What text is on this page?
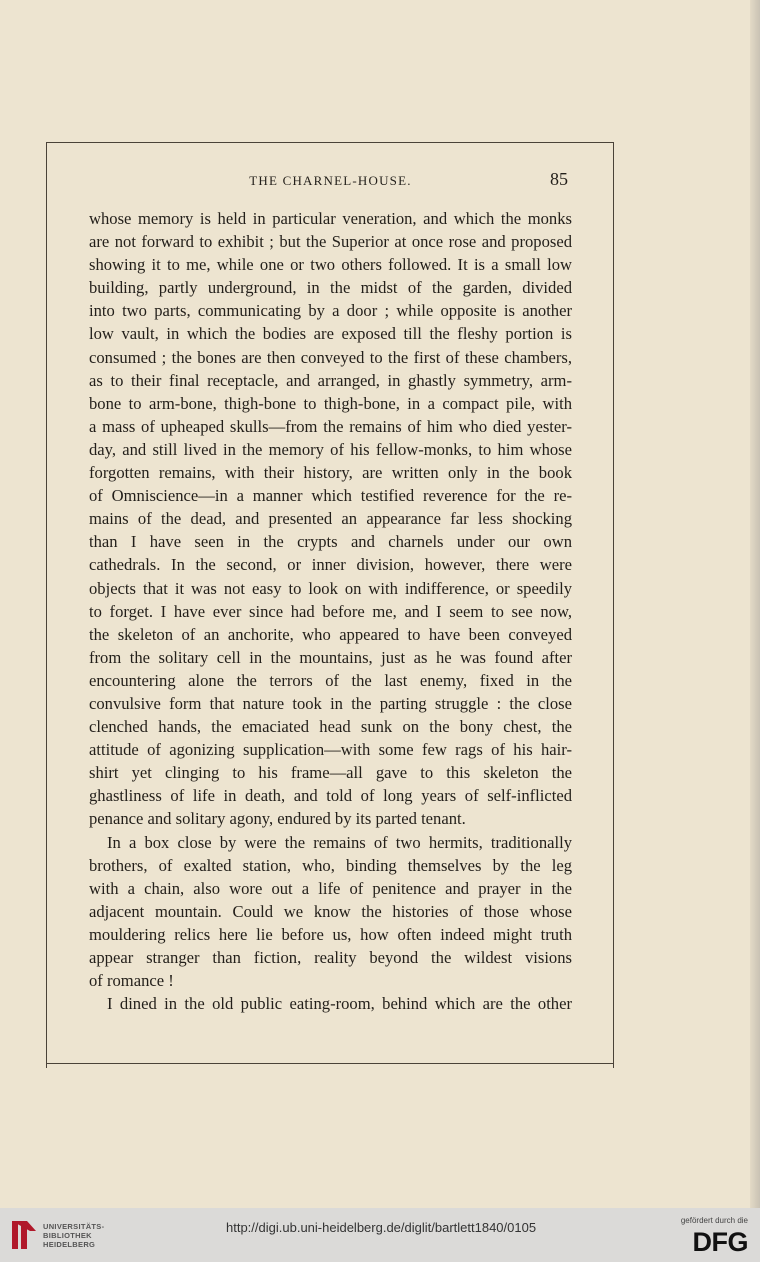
THE CHARNEL-HOUSE.	85
whose memory is held in particular veneration, and which the monks
are not forward to exhibit ; but the Superior at once rose and proposed
showing it to me, while one or two others followed. It is a small low
building, partly underground, in the midst of the garden, divided
into two parts, communicating by a door ; while opposite is another
low vault, in which the bodies are exposed till the fleshy portion is
consumed ; the bones are then conveyed to the first of these chambers,
as to their final receptacle, and arranged, in ghastly symmetry, arm-
bone to arm-bone, thigh-bone to thigh-bone, in a compact pile, with
a mass of upheaped skulls—from the remains of him who died yester-
day, and still lived in the memory of his fellow-monks, to him whose
forgotten remains, with their history, are written only in the book
of Omniscience—in a manner which testified reverence for the re-
mains of the dead, and presented an appearance far less shocking
than I have seen in the crypts and charnels under our own
cathedrals. In the second, or inner division, however, there were
objects that it was not easy to look on with indifference, or speedily
to forget. I have ever since had before me, and I seem to see now,
the skeleton of an anchorite, who appeared to have been conveyed
from the solitary cell in the mountains, just as he was found after
encountering alone the terrors of the last enemy, fixed in the
convulsive form that nature took in the parting struggle : the close
clenched hands, the emaciated head sunk on the bony chest, the
attitude of agonizing supplication—with some few rags of his hair-
shirt yet clinging to his frame—all gave to this skeleton the
ghastliness of life in death, and told of long years of self-inflicted
penance and solitary agony, endured by its parted tenant.
In a box close by were the remains of two hermits, traditionally
brothers, of exalted station, who, binding themselves by the leg
with a chain, also wore out a life of penitence and prayer in the
adjacent mountain. Could we know the histories of those whose
mouldering relics here lie before us, how often indeed might truth
appear stranger than fiction, reality beyond the wildest visions
of romance !
I dined in the old public eating-room, behind which are the other
UNIVERSITÄTS-
BIBLIOTHEK
HEIDELBERG
http://digi.ub.uni-heidelberg.de/diglit/bartlett1840/0105	gefördert durch die
DFG
